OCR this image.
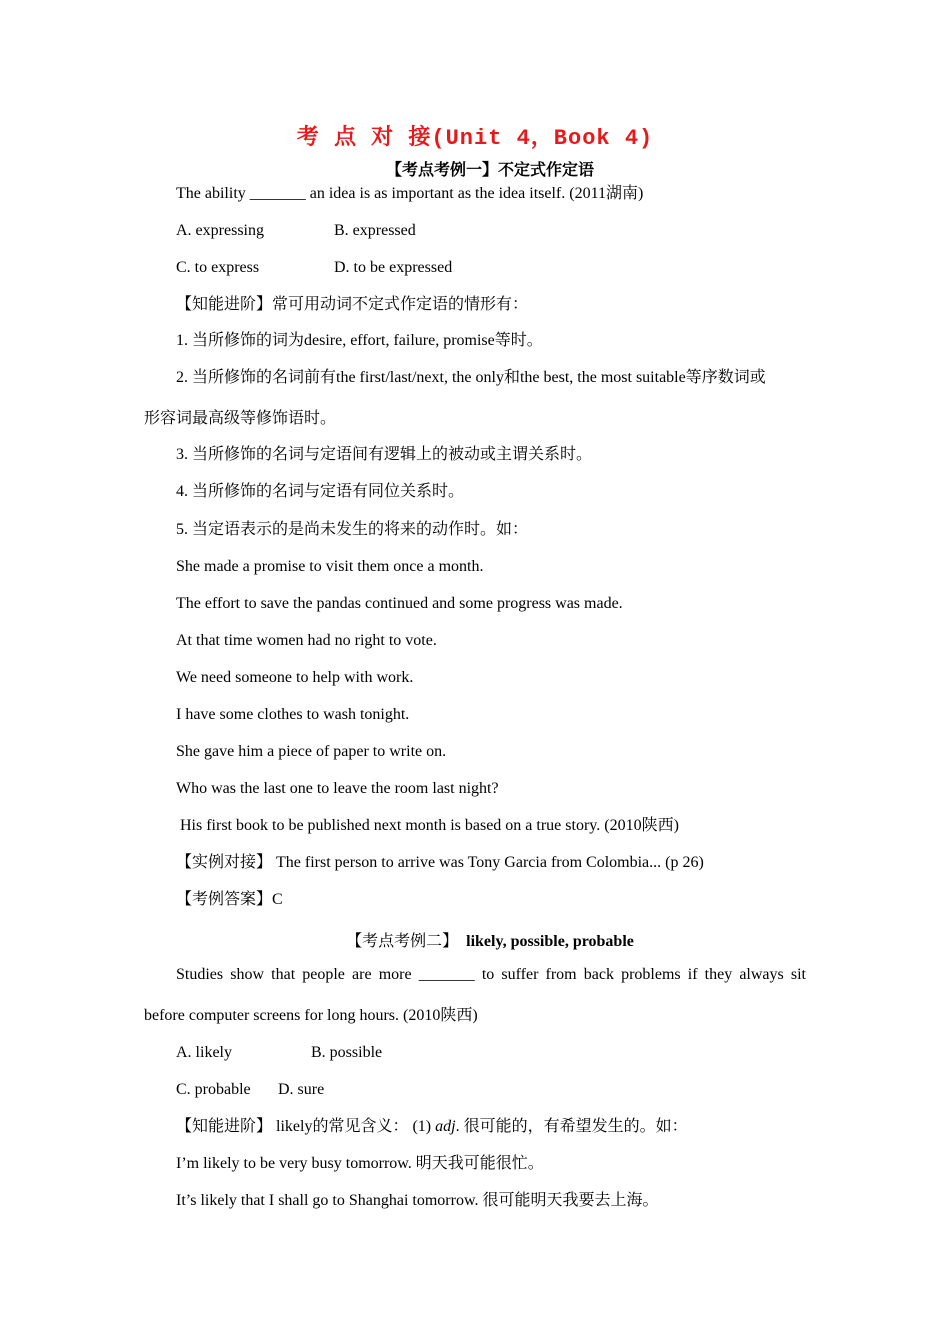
考 点 对 接(Unit 4，Book 4)
【考点考例一】不定式作定语
The ability _______ an idea is as important as the idea itself. (2011湖南)
A. expressing	B. expressed
C. to express	D. to be expressed
【知能进阶】常可用动词不定式作定语的情形有：
1. 当所修饰的词为desire, effort, failure, promise等时。
2. 当所修饰的名词前有the first/last/next, the only和the best, the most suitable等序数词或
形容词最高级等修饰语时。
3. 当所修饰的名词与定语间有逻辑上的被动或主谓关系时。
4. 当所修饰的名词与定语有同位关系时。
5. 当定语表示的是尚未发生的将来的动作时。如：
She made a promise to visit them once a month.
The effort to save the pandas continued and some progress was made.
At that time women had no right to vote.
We need someone to help with work.
I have some clothes to wash tonight.
She gave him a piece of paper to write on.
Who was the last one to leave the room last night?
His first book to be published next month is based on a true story. (2010陕西)
【实例对接】 The first person to arrive was Tony Garcia from Colombia... (p 26)
【考例答案】C
【考点考例二】 likely, possible, probable
Studies show that people are more _______ to suffer from back problems if they always sit
before computer screens for long hours. (2010陕西)
A. likely	B. possible
C. probable D. sure
【知能进阶】 likely的常见含义： (1) adj. 很可能的，有希望发生的。如：
I’m likely to be very busy tomorrow. 明天我可能很忙。
It’s likely that I shall go to Shanghai tomorrow. 很可能明天我要去上海。
